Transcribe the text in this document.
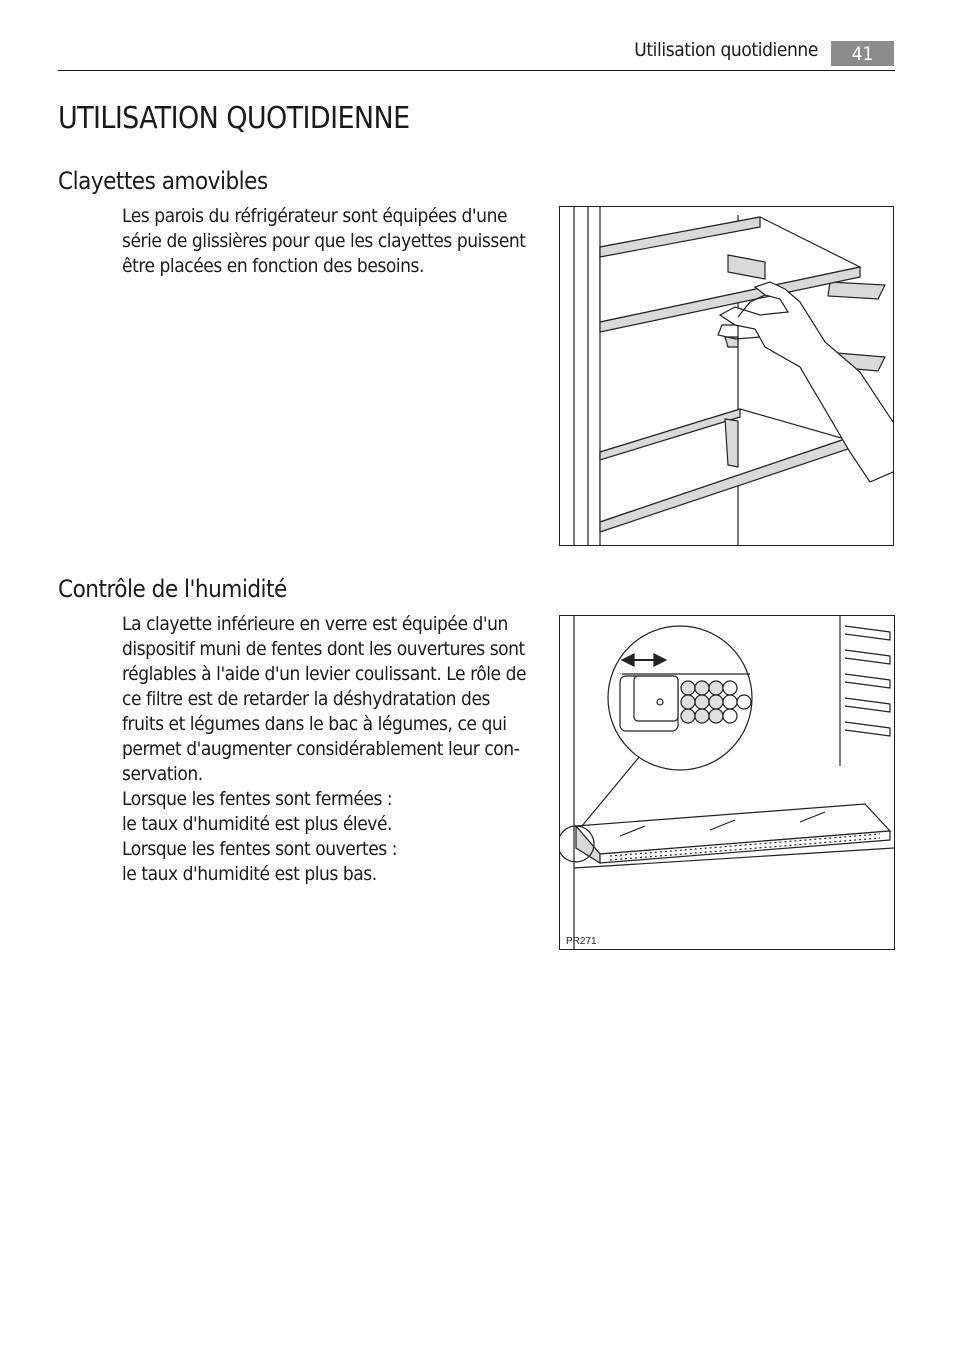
Utilisation quotidienne	41
UTILISATION QUOTIDIENNE
Clayettes amovibles

Les parois du réfrigérateur sont équipées d'une

série de glissières pour que les clayettes puissent

être placées en fonction des besoins.

Contrôle de l'humidité

La clayette inférieure en verre est équipée d'un

dispositif muni de fentes dont les ouvertures sont

réglables à l'aide d'un levier coulissant. Le rôle de

ce filtre est de retarder la déshydratation des

fruits et légumes dans le bac à légumes, ce qui

permet d'augmenter considérablement leur con-

servation.

Lorsque les fentes sont fermées :

le taux d'humidité est plus élevé.

Lorsque les fentes sont ouvertes :

le taux d'humidité est plus bas.

PR271
